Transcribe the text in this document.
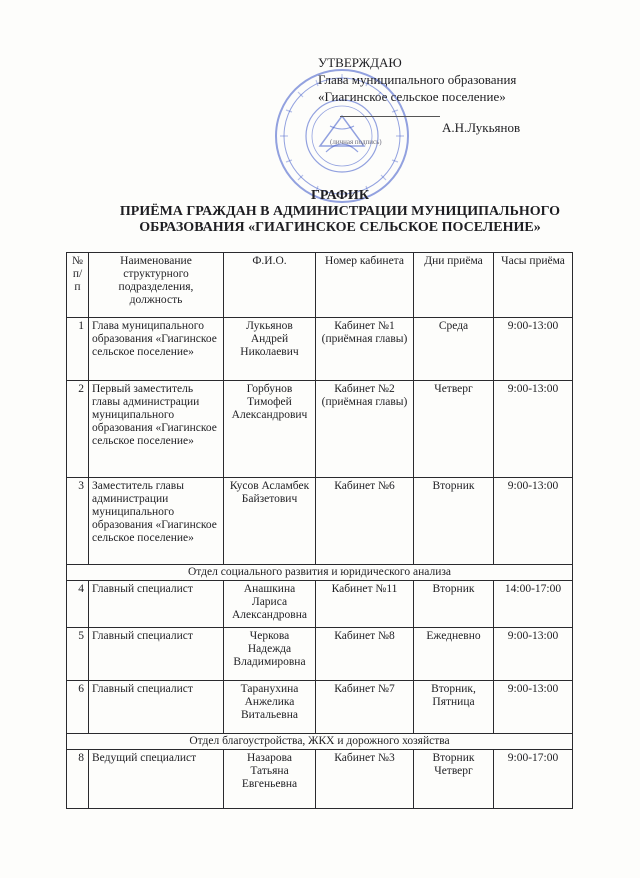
УТВЕРЖДАЮ
Глава муниципального образования
«Гиагинское сельское поселение»
А.Н.Лукьянов
(личная подпись)
ГРАФИК
ПРИЁМА ГРАЖДАН В АДМИНИСТРАЦИИ МУНИЦИПАЛЬНОГО
ОБРАЗОВАНИЯ «ГИАГИНСКОЕ СЕЛЬСКОЕ ПОСЕЛЕНИЕ»
№ п/п	Наименование структурного подразделения, должность	Ф.И.О.	Номер кабинета	Дни приёма	Часы приёма
1	Глава муниципального образования «Гиагинское сельское поселение»	Лукьянов Андрей Николаевич	Кабинет №1 (приёмная главы)	Среда	9:00-13:00
2	Первый заместитель главы администрации муниципального образования «Гиагинское сельское поселение»	Горбунов Тимофей Александрович	Кабинет №2 (приёмная главы)	Четверг	9:00-13:00
3	Заместитель главы администрации муниципального образования «Гиагинское сельское поселение»	Кусов Асламбек Байзетович	Кабинет №6	Вторник	9:00-13:00
Отдел социального развития и юридического анализа					
4	Главный специалист	Анашкина Лариса Александровна	Кабинет №11	Вторник	14:00-17:00
5	Главный специалист	Черкова Надежда Владимировна	Кабинет №8	Ежедневно	9:00-13:00
6	Главный специалист	Таранухина Анжелика Витальевна	Кабинет №7	Вторник, Пятница	9:00-13:00
Отдел благоустройства, ЖКХ и дорожного хозяйства					
8	Ведущий специалист	Назарова Татьяна Евгеньевна	Кабинет №3	Вторник Четверг	9:00-17:00
